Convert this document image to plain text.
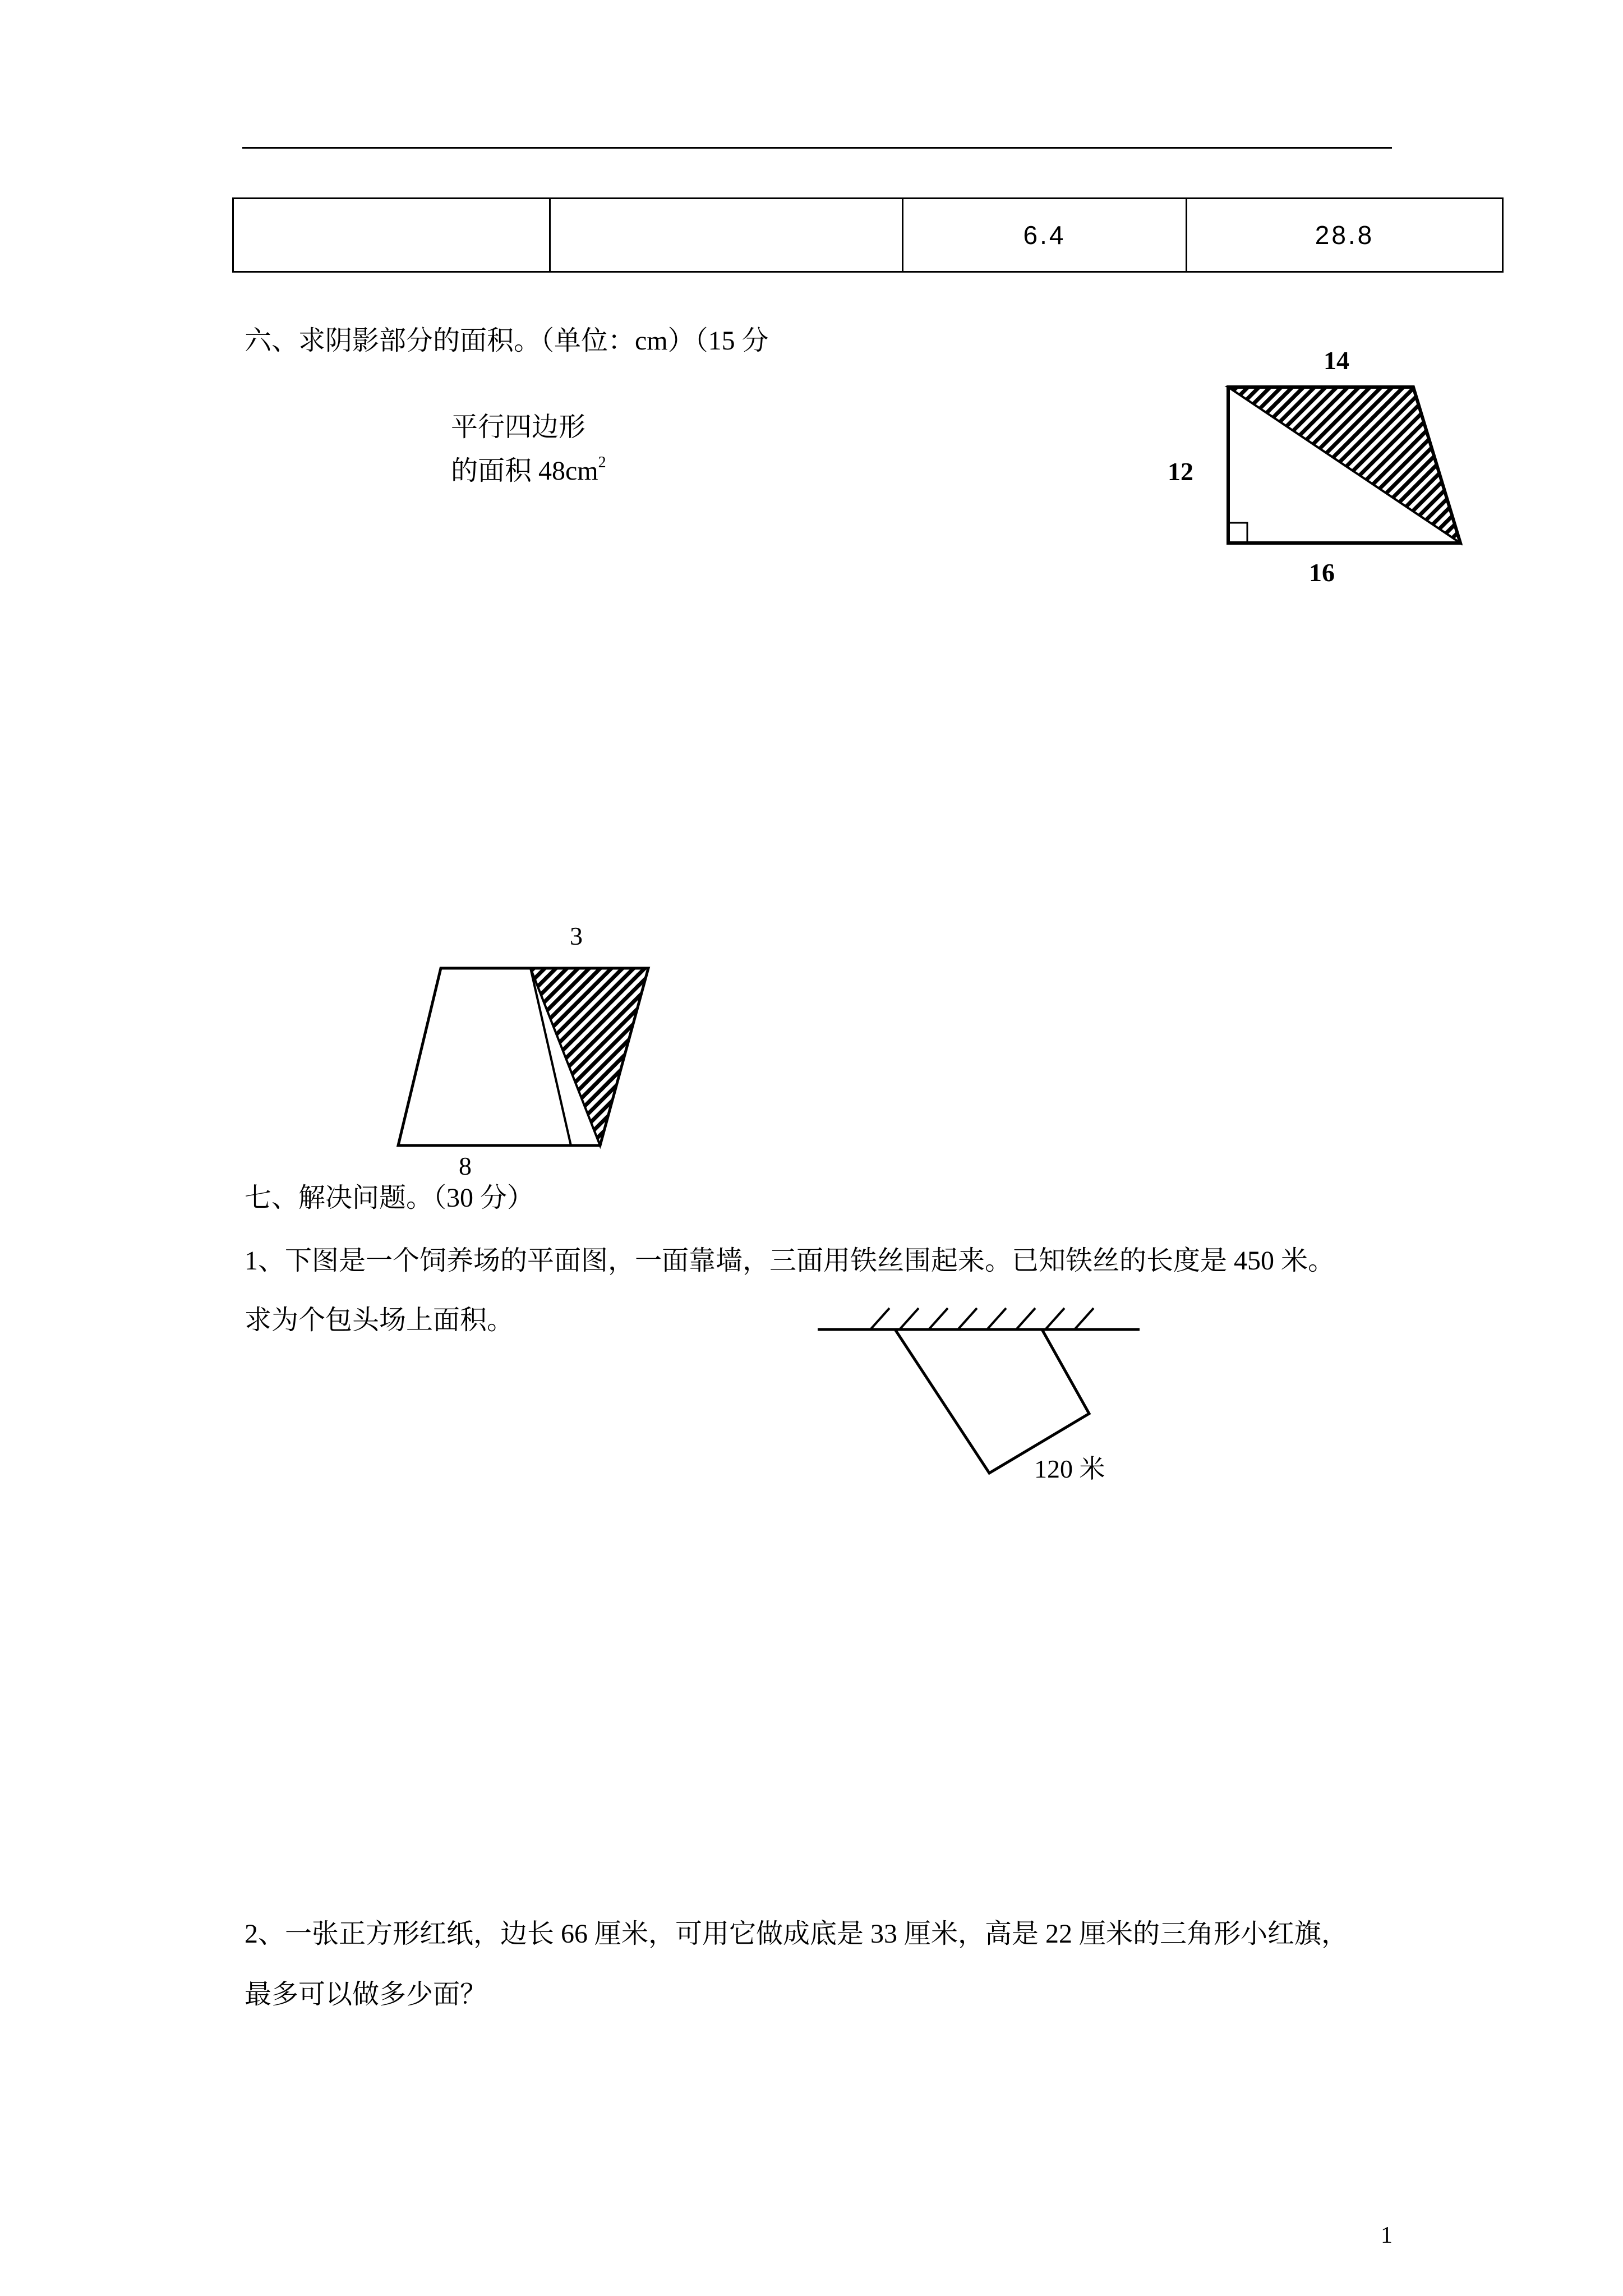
		6.4	28.8
六、求阴影部分的面积。（单位：cm）（15 分
平行四边形
的面积 $48cm^2$
14
12
16
3
8
七、解决问题。（30 分）
1、下图是一个饲养场的平面图，一面靠墙，三面用铁丝围起来。已知铁丝的长度是 450 米。
求为个包头场上面积。
120 米
2、一张正方形红纸，边长 66 厘米，可用它做成底是 33 厘米，高是 22 厘米的三角形小红旗，
最多可以做多少面？
1
